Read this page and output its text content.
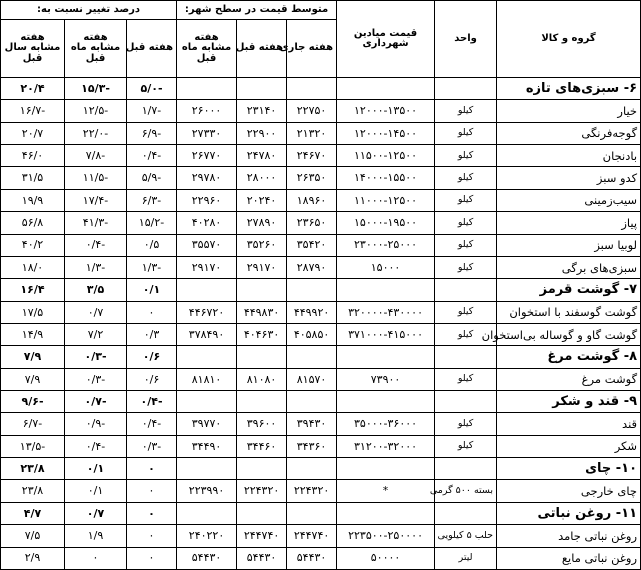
گروه و کالا	واحد	قیمت میادین شهرداری	متوسط قیمت در سطح شهر:			درصد تغییر نسبت به:		
			هفته جاری	هفته قبل	هفته مشابه ماه قبل	هفته قبل	هفته مشابه ماه قبل	هفته مشابه سال قبل
۶- سبزی‌های تازه						-۵/۰	-۱۵/۳	۲۰/۴
خیار	کیلو	۱۲۰۰۰-۱۳۵۰۰	۲۲۷۵۰	۲۳۱۴۰	۲۶۰۰۰	-۱/۷	-۱۲/۵	-۱۶/۷
گوجه‌فرنگی	کیلو	۱۲۰۰۰-۱۴۵۰۰	۲۱۳۲۰	۲۲۹۰۰	۲۷۳۳۰	-۶/۹	-۲۲/۰	۲۰/۷
بادنجان	کیلو	۱۱۵۰۰-۱۲۵۰۰	۲۴۶۷۰	۲۴۷۸۰	۲۶۷۷۰	-۰/۴	-۷/۸	۴۶/۰
کدو سبز	کیلو	۱۴۰۰۰-۱۵۵۰۰	۲۶۳۵۰	۲۸۰۰۰	۲۹۷۸۰	-۵/۹	-۱۱/۵	۳۱/۵
سیب‌زمینی	کیلو	۱۱۰۰۰-۱۲۵۰۰	۱۸۹۶۰	۲۰۲۴۰	۲۲۹۶۰	-۶/۳	-۱۷/۴	۱۹/۹
پیاز	کیلو	۱۵۰۰۰-۱۹۵۰۰	۲۳۶۵۰	۲۷۸۹۰	۴۰۲۸۰	-۱۵/۲	-۴۱/۳	۵۶/۸
لوبیا سبز	کیلو	۲۳۰۰۰-۲۵۰۰۰	۳۵۴۲۰	۳۵۲۶۰	۳۵۵۷۰	۰/۵	-۰/۴	۴۰/۲
سبزی‌های برگی	کیلو	۱۵۰۰۰	۲۸۷۹۰	۲۹۱۷۰	۲۹۱۷۰	-۱/۳	-۱/۳	۱۸/۰
۷- گوشت قرمز						۰/۱	۳/۵	۱۶/۴
گوشت گوسفند با استخوان	کیلو	۳۲۰۰۰۰-۴۳۰۰۰۰	۴۴۹۹۲۰	۴۴۹۸۳۰	۴۴۶۷۲۰	۰	۰/۷	۱۷/۵
گوشت گاو و گوساله بی‌استخوان	کیلو	۳۷۱۰۰۰-۴۱۵۰۰۰	۴۰۵۸۵۰	۴۰۴۶۳۰	۳۷۸۴۹۰	۰/۳	۷/۲	۱۴/۹
۸- گوشت مرغ						۰/۶	-۰/۳	۷/۹
گوشت مرغ	کیلو	۷۳۹۰۰	۸۱۵۷۰	۸۱۰۸۰	۸۱۸۱۰	۰/۶	-۰/۳	۷/۹
۹- قند و شکر						-۰/۴	-۰/۷	-۹/۶
قند	کیلو	۳۵۰۰۰-۳۶۰۰۰	۳۹۴۳۰	۳۹۶۰۰	۳۹۷۷۰	-۰/۴	-۰/۹	-۶/۷
شکر	کیلو	۳۱۲۰۰-۳۲۰۰۰	۳۴۳۶۰	۳۴۴۶۰	۳۴۴۹۰	-۰/۳	-۰/۴	-۱۳/۵
۱۰- چای						۰	۰/۱	۲۳/۸
چای خارجی	بسته ۵۰۰ گرمی	*	۲۲۴۳۲۰	۲۲۴۳۲۰	۲۲۳۹۹۰	۰	۰/۱	۲۳/۸
۱۱- روغن نباتی						۰	۰/۷	۴/۷
روغن نباتی جامد	حلب ۵ کیلویی	۲۲۳۵۰۰-۲۵۰۰۰۰	۲۴۴۷۴۰	۲۴۴۷۴۰	۲۴۰۲۲۰	۰	۱/۹	۷/۵
روغن نباتی مایع	لیتر	۵۰۰۰۰	۵۴۴۳۰	۵۴۴۳۰	۵۴۴۳۰	۰	۰	۲/۹
